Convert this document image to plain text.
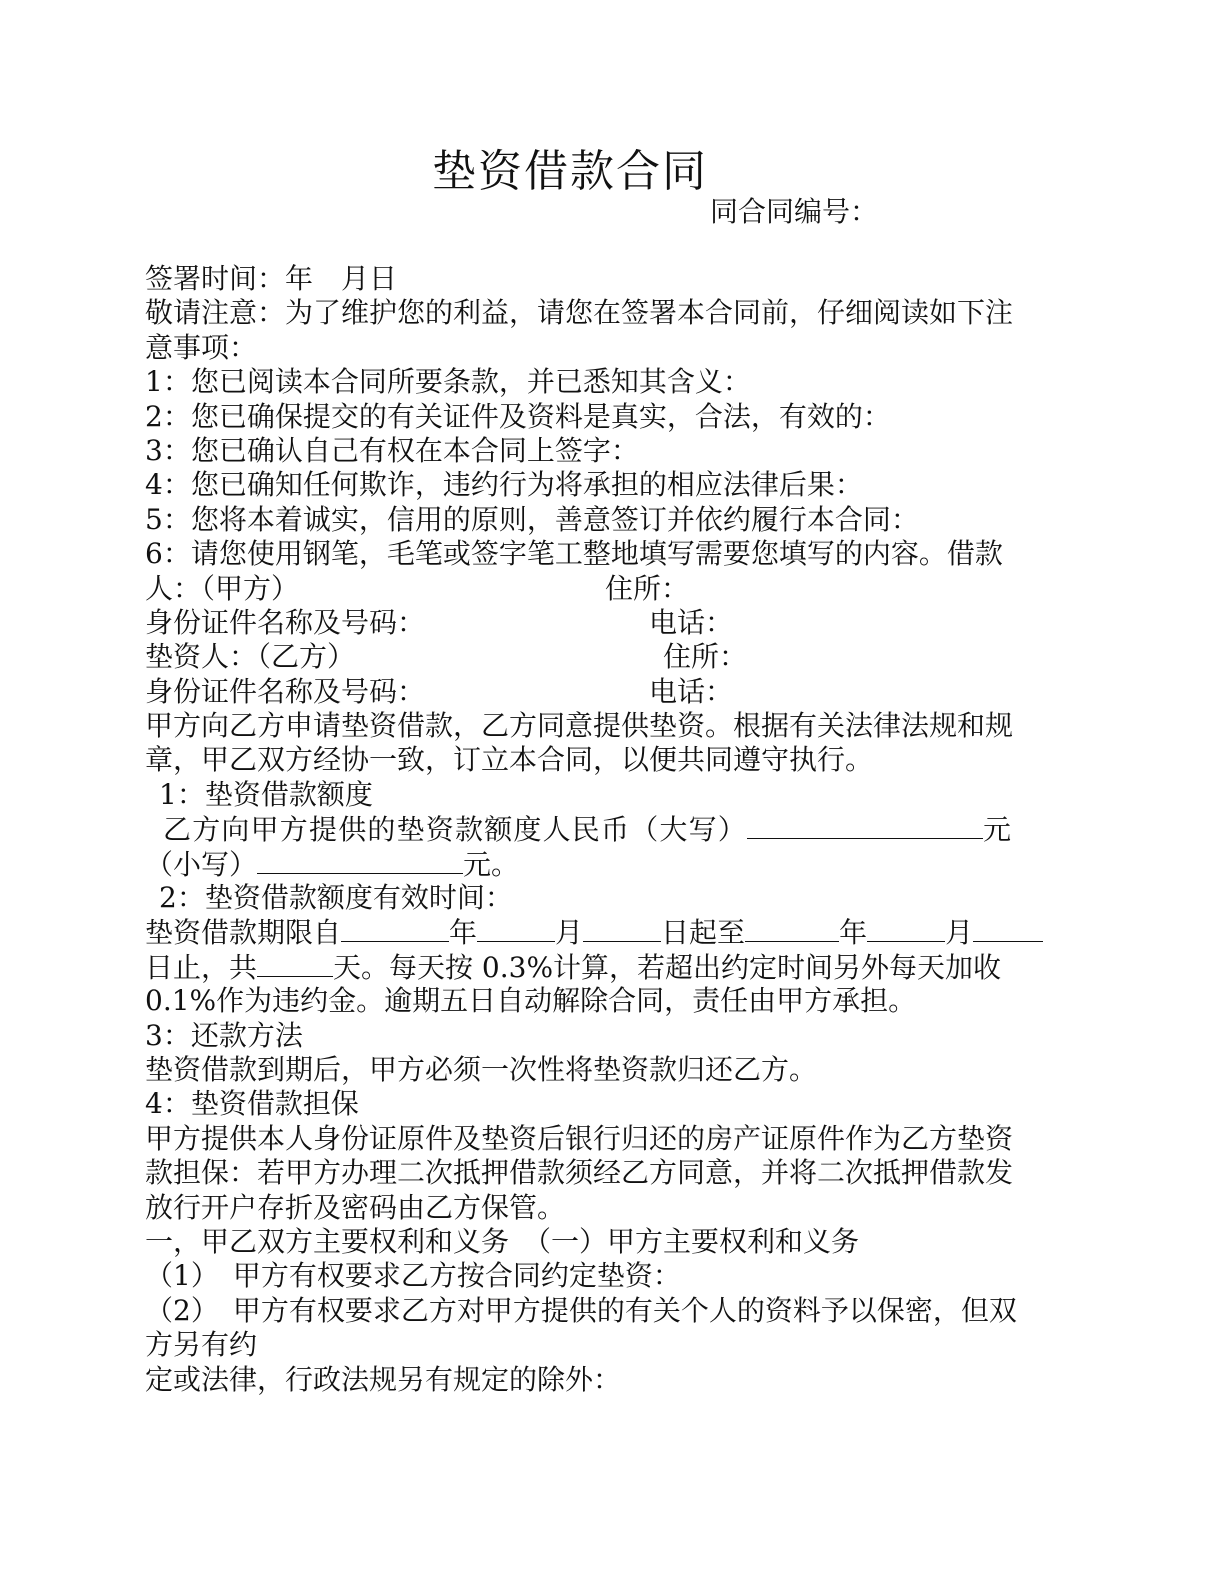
垫资借款合同
同合同编号：
签署时间：年　月日
敬请注意：为了维护您的利益，请您在签署本合同前，仔细阅读如下注
意事项：
1：您已阅读本合同所要条款，并已悉知其含义：
2：您已确保提交的有关证件及资料是真实，合法，有效的：
3：您已确认自己有权在本合同上签字：
4：您已确知任何欺诈，违约行为将承担的相应法律后果：
5：您将本着诚实，信用的原则，善意签订并依约履行本合同：
6：请您使用钢笔，毛笔或签字笔工整地填写需要您填写的内容。借款
人：（甲方）	住所：
身份证件名称及号码：	电话：
垫资人：（乙方）	住所：
身份证件名称及号码：	电话：
甲方向乙方申请垫资借款，乙方同意提供垫资。根据有关法律法规和规
章，甲乙双方经协一致，订立本合同，以便共同遵守执行。
1：垫资借款额度
乙方向甲方提供的垫资款额度人民币（大写）	元
（小写）	元。
2：垫资借款额度有效时间：
垫资借款期限自	年	月	日起至	年	月
日止，共	天。每天按 0.3%计算，若超出约定时间另外每天加收
0.1%作为违约金。逾期五日自动解除合同，责任由甲方承担。
3：还款方法
垫资借款到期后，甲方必须一次性将垫资款归还乙方。
4：垫资借款担保
甲方提供本人身份证原件及垫资后银行归还的房产证原件作为乙方垫资
款担保：若甲方办理二次抵押借款须经乙方同意，并将二次抵押借款发
放行开户存折及密码由乙方保管。
一，甲乙双方主要权利和义务　（一）甲方主要权利和义务
（1）　甲方有权要求乙方按合同约定垫资：
（2）　甲方有权要求乙方对甲方提供的有关个人的资料予以保密，但双
方另有约
定或法律，行政法规另有规定的除外：
